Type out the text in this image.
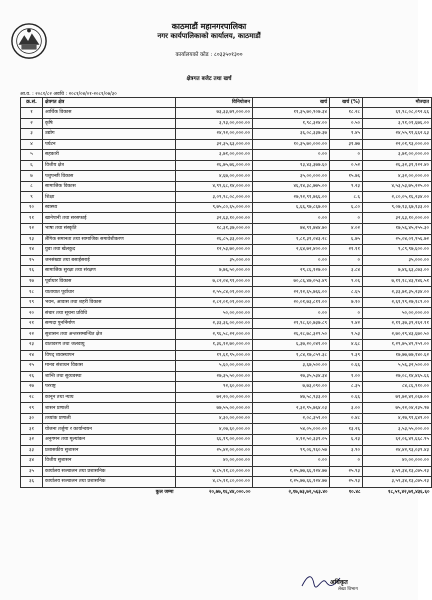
काठमाडौं महानगरपालिका
नगर कार्यपालिकाको कार्यालय, काठमाडौं
कार्यालयको कोड : ८०३३५०१३००
क्षेत्रगत बजेट तथा खर्च
आ.व. : २०८१/८२ अवधि : २०८१/०४/०१-२०८१/०७/३०
क्र.सं.	क्षेत्रगत क्षेत्र	विनियोजन	खर्च	खर्च (%)	मौज्दात
१	आर्थिक विकास	७३,३३,७९,०००.००	११,३५,७०,९०७.३४	१८.२८	६१,९८,०८,०९२.६६
२	कृषि	३,९३,००,०००.००	१,९८,३२४.००	०.५०	३,९१,०१,६७६.००
३	उद्योग	२४,९२,००,०००.००	३६,०८,३३७.३७	१.४५	२४,५५,९१,६६२.६३
४	पर्यटन	३२,३५,६३,०००.००	१०,३५,७०,०००.००	३१.७७	२२,०१,९३,०००.००
५	सहकारी	३,७१,००,०००.००	०.००	०	३,७१,००,०००.००
६	वित्तीय क्षेत्र	२६,७५,७६,०००.००	१३,४३,३७७.६०	०.५२	२६,३२,३१,१२२.४०
७	पशुपन्छी विकास	४,६७,००,०००.००	३५,००,०००.००	१५.७६	४,३२,००,०००.००
८	सामाजिक विकास	४,९९,६८,१४,०००.००	४६,१४,३८,७७५.००	९.२३	४,५३,५३,७५,२२५.००
९	शिक्षा	३,०९,९८,०८,०००.००	२७,९२,९१,७६६.००	८.६	२,८०,०५,१६,२३४.००
१०	स्वास्थ्य	९,७५,८०,६५,०००.००	६,६६,९७,८६७.००	६.८०	९,०७,१३,६७,१३३.००
११	खानेपानी तथा सरसफाई	३२,६३,१०,०००.००	०.००	०	३२,६३,१०,०००.००
१२	भाषा तथा संस्कृति	१८,३१,३७,०००.००	७४,९१,७४४.७०	४.०२	१७,५६,४५,२५५.३०
१३	लैंगिक समानता तथा सामाजिक समावेशीकरण	२६,८५,३३,०००.००	१,८१,३१,०४३.२८	६.७५	२५,०४,०१,९५६.७२
१४	युवा तथा खेलकुद	१२,५३,७०,०००.००	२,६४,७२,४००.००	२१.११	९,८९,९७,६००.००
१५	जनसंख्या तथा बसाईसराई	३५,०००.००	०.००	०	३५,०००.००
१६	सामाजिक सुरक्षा तथा संरक्षण	७,७६,५०,०००.००	२९,८६,१२७.००	३.८४	७,४६,६३,८७३.००
१७	पूर्वाधार विकास	७,८२,०४,९१,०००.००	७०,८६,४७,०५३.४९	९.०६	७,११,१८,४३,९४६.५१
१८	यातायात पूर्वाधार	२,५५,८४,०१,०००.००	२२,१२,६५,७६६.००	८.६५	२,३३,७१,३५,२३४.००
१९	भवन, आवास तथा शहरी विकास	२,८२,०१,०१,०००.००	२०,०१,७३,८११.००	७.१०	२,६१,९९,२७,१८९.००
२०	संचार तथा सूचना प्रविधि	५०,००,०००.००	०.००	०	५०,००,०००.००
२१	सम्पदा पुनर्निर्माण	२,३३,३६,००,०००.००	२१,९८,६०,७३७.८९	९.४२	२,११,३७,३९,२६२.११
२२	सुशासन तथा अन्तरसम्बन्धित क्षेत्र	२,९६,५८,२२,०००.००	२६,२८,७८,३२९.५०	९.५३	२,७०,२९,४३,६७०.५०
२३	वातावरण तथा जलवायु	१,३६,१२,७०,०००.००	६,३७,२०,०४१.००	४.६८	१,२९,७५,४९,९५९.००
२४	विपद् व्यवस्थापन	१९,६१,९५,०००.००	१,८४,१७,८५९.३८	९.३९	१७,७७,७७,१४०.६२
२५	मानव संशाधन विकास	५,६०,००,०००.००	३,६७,५००.००	०.६६	५,५६,३२,५००.००
२६	शान्ति तथा सुव्यवस्था	२७,३५,५०,०००.००	२७,३५,५३४.३४	१.००	२७,०८,१४,४६५.६६
२७	परराष्ट्र	९२,६०,०००.००	७,७३,०९०.००	८.३५	८४,८६,९१०.००
२८	कानून तथा न्याय	७२,२०,००,०००.००	४७,५८,९३३.००	०.६६	७१,७२,४१,०६७.००
२९	शासन प्रणाली	७७,५५,००,०००.००	२,३२,९५,७६४.०३	३.००	७५,२२,०४,२३५.९७
३०	तथ्यांक प्रणाली	४,३०,००,०००.००	२,०८,३५१.००	०.४८	४,२७,९१,६४९.००
३१	योजना तर्जुमा र कार्यान्वयन	४,०७,६०,०००.००	५४,०५,०००.००	१३.२६	३,५३,५५,०००.००
३२	अनुगमन तथा मूल्यांकन	६६,१९,००,०००.००	४,१२,५०,३३१.०५	६.२३	६२,०६,४९,६६८.९५
३३	प्रशासकीय सुशासन	२५,४२,००,०००.००	९९,०६,९६०.५७	३.९०	२४,४२,९३,०३९.४३
३४	वित्तीय सुशासन	४०,००,०००.००	०.००	०	४०,००,०००.००
३५	कार्यालय सञ्चालन तथा प्रशासनिक	४,८५,११,८०,०००.००	१,२५,७७,६६,१२४.७७	२५.९३	३,५९,३४,१३,८७५.२३
३६	कार्यालय सञ्चालन तथा प्रशासनिक	४,८५,११,८०,०००.००	१,२५,७७,६६,१२४.७७	२५.९३	३,५९,३४,१३,८७५.२३
	कुल जम्मा	२०,७७,१६,४४,०००.००	२,१७,७३,७२,५६३.४०	१०.४८	१८,५९,४२,७१,४३६.६०
अधिकृत
लेखा विभाग
